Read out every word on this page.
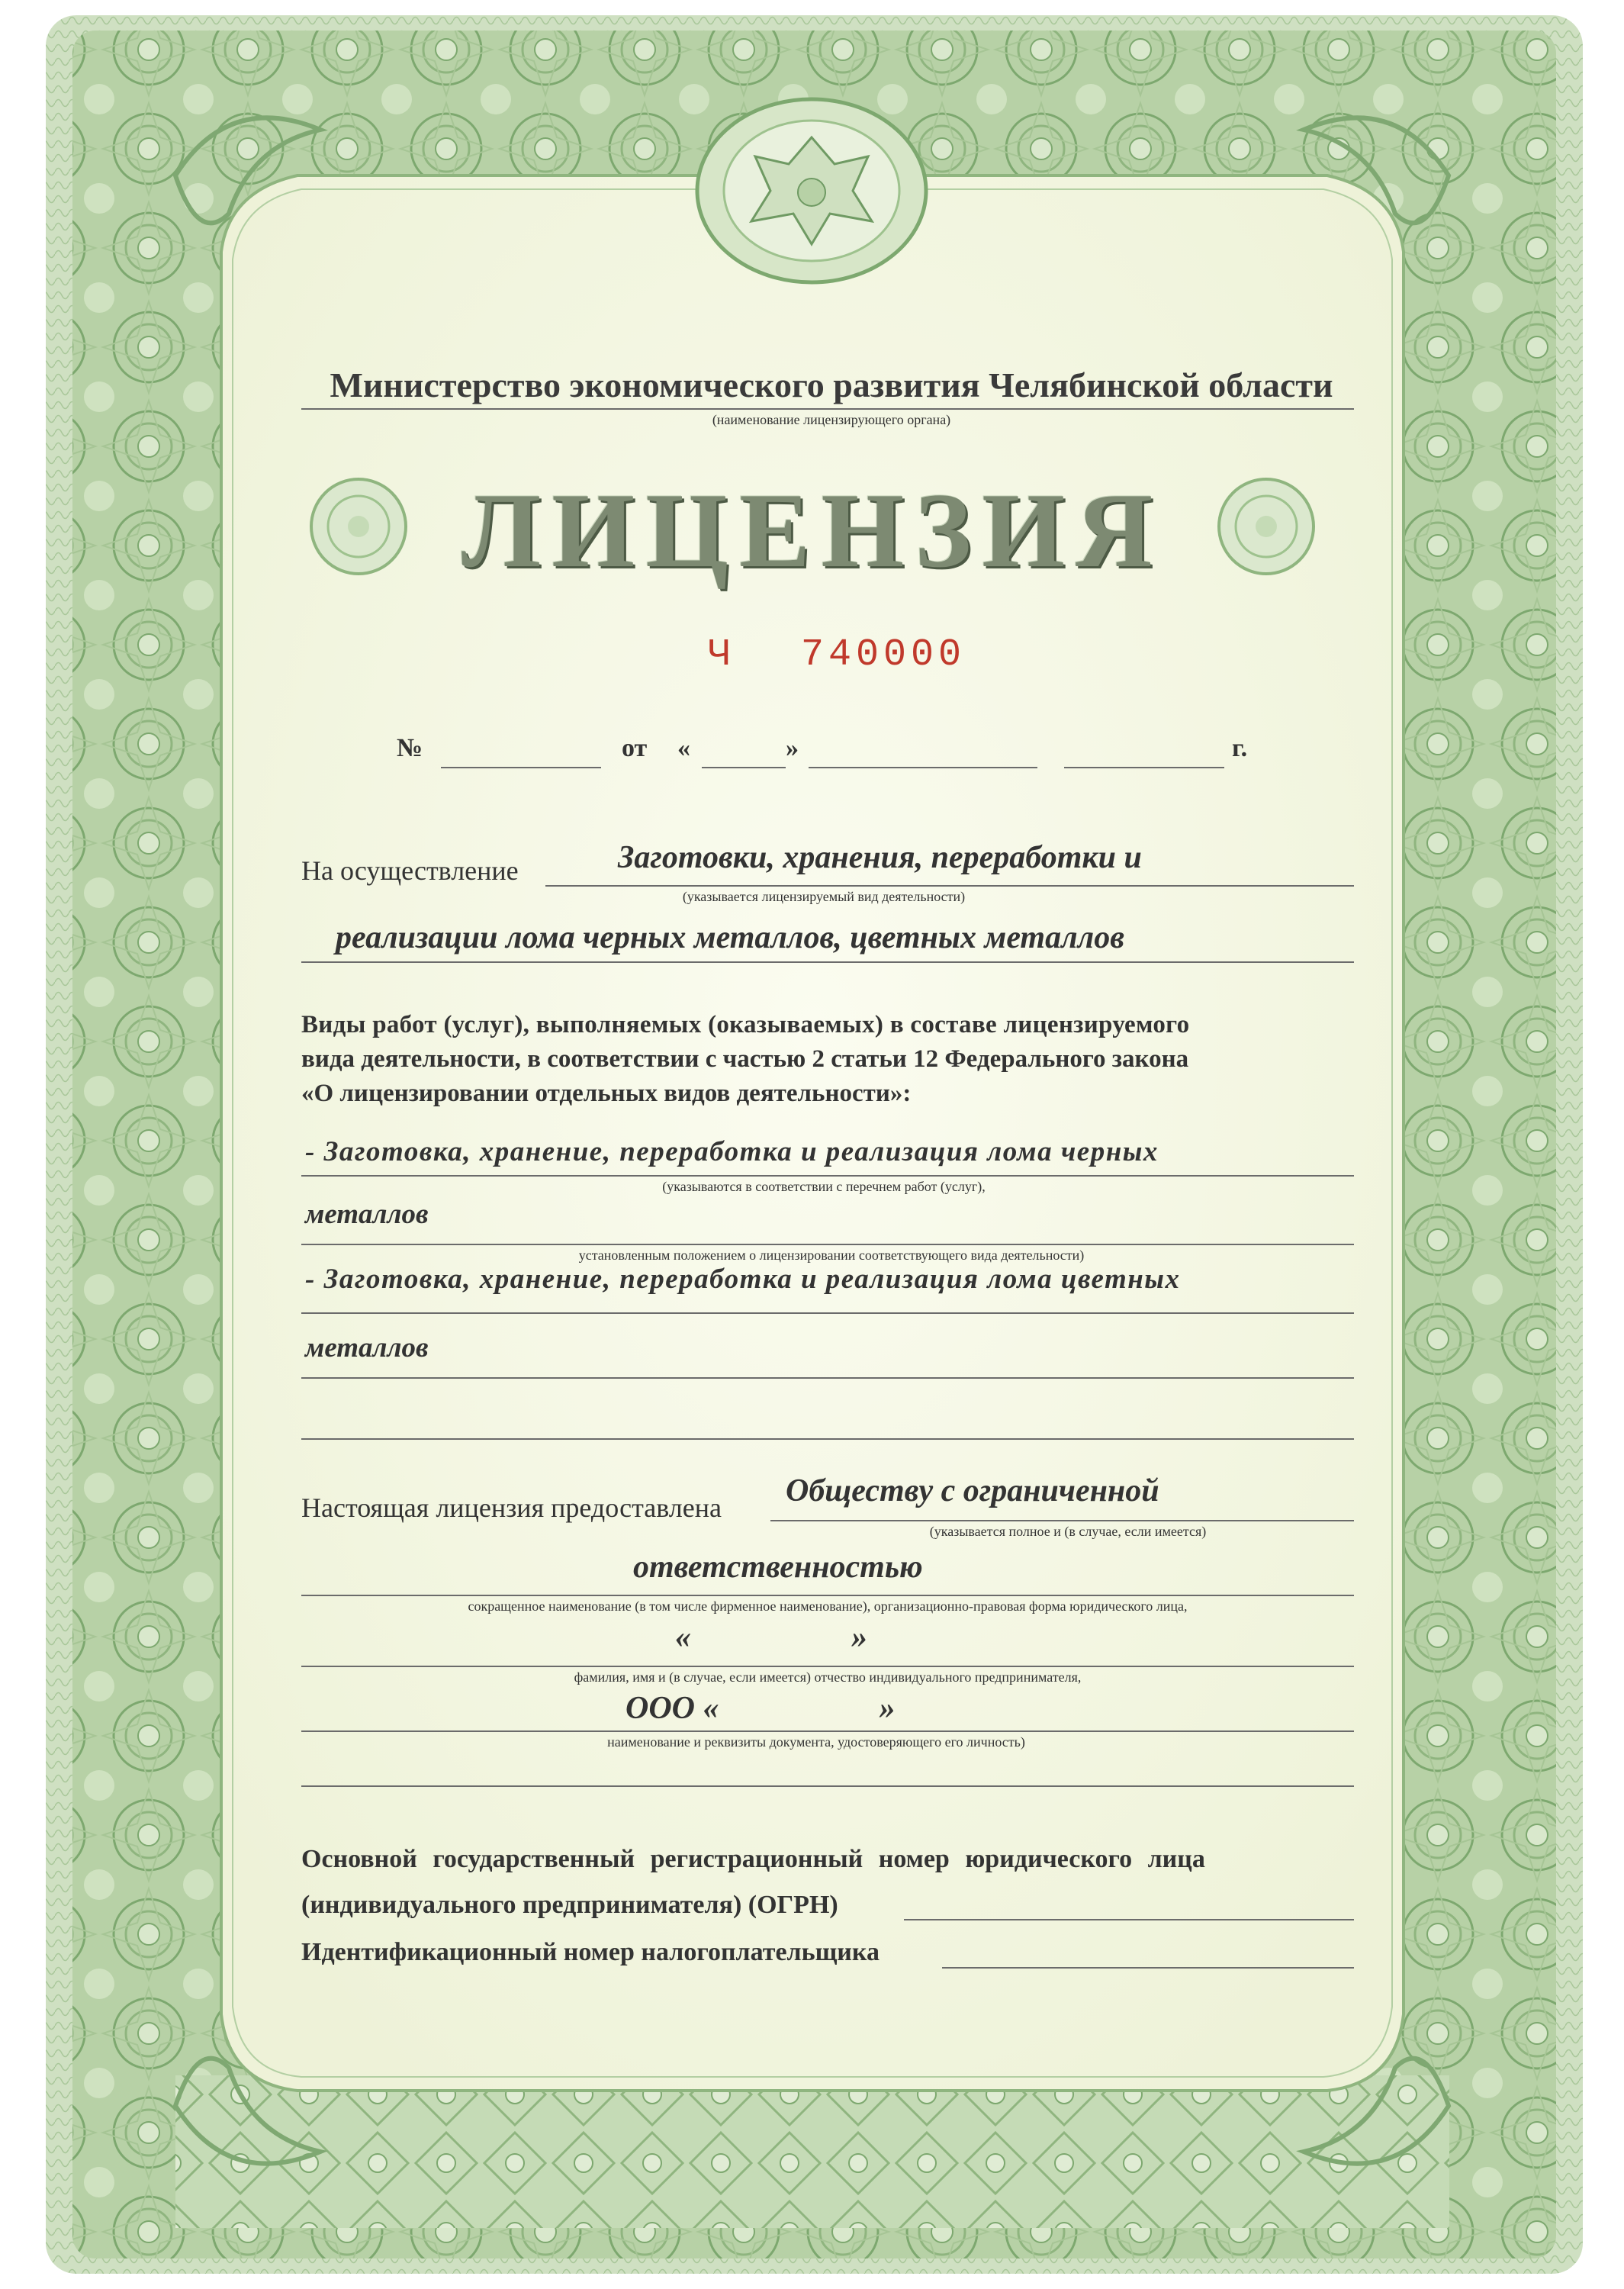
Министерство экономического развития Челябинской области

(наименование лицензирующего органа)

ЛИЦЕНЗИЯ

Ч 740000

№	от «	»	г.

На осуществление	Заготовки, хранения, переработки и

(указывается лицензируемый вид деятельности)

реализации лома черных металлов, цветных металлов

Виды работ (услуг), выполняемых (оказываемых) в составе лицензируемого

вида деятельности, в соответствии с частью 2 статьи 12 Федерального закона

«О лицензировании отдельных видов деятельности»:

- Заготовка, хранение, переработка и реализация лома черных

(указываются в соответствии с перечнем работ (услуг),

металлов

установленным положением о лицензировании соответствующего вида деятельности)

- Заготовка, хранение, переработка и реализация лома цветных

металлов

Настоящая лицензия предоставлена Обществу с ограниченной

(указывается полное и (в случае, если имеется)

ответственностью

сокращенное наименование (в том числе фирменное наименование), организационно-правовая форма юридического лица,

«                    »

фамилия, имя и (в случае, если имеется) отчество индивидуального предпринимателя,

ООО «                    »

наименование и реквизиты документа, удостоверяющего его личность)

Основной государственный регистрационный номер юридического лица

(индивидуального предпринимателя) (ОГРН)

Идентификационный номер налогоплательщика
